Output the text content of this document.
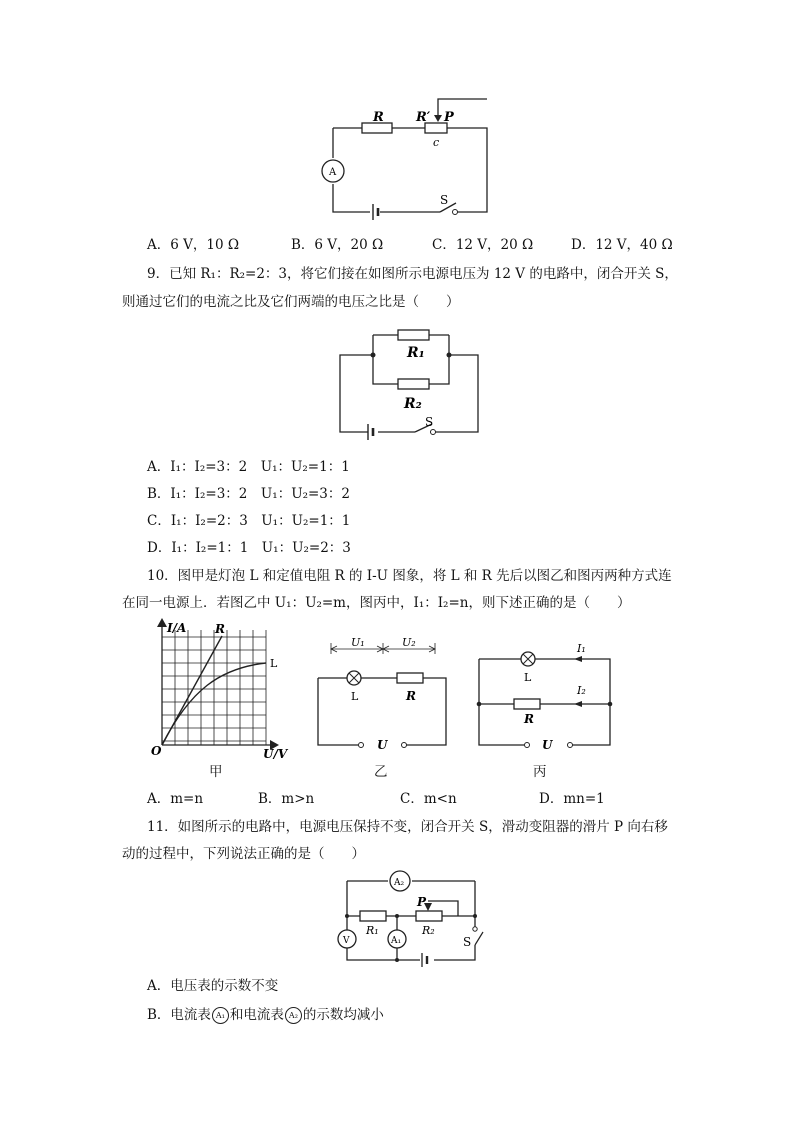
R R′ P
c
A
S
A．6 V，10 Ω	B．6 V，20 Ω	C．12 V，20 Ω	D．12 V，40 Ω
9．已知 R₁：R₂=2：3，将它们接在如图所示电源电压为 12 V 的电路中，闭合开关 S，
则通过它们的电流之比及它们两端的电压之比是（　　）
R₁
R₂
S
A．I₁：I₂=3：2　U₁：U₂=1：1
B．I₁：I₂=3：2　U₁：U₂=3：2
C．I₁：I₂=2：3　U₁：U₂=1：1
D．I₁：I₂=1：1　U₁：U₂=2：3
10．图甲是灯泡 L 和定值电阻 R 的 I-U 图象，将 L 和 R 先后以图乙和图丙两种方式连
在同一电源上．若图乙中 U₁：U₂=m，图丙中，I₁：I₂=n，则下述正确的是（　　）
I/A
U/V
O
R
L
U₁	U₂
L	R
U
I₁
I₂
L
R
U
甲	乙	丙
A．m=n	B．m>n	C．m<n	D．mn=1
11．如图所示的电路中，电源电压保持不变，闭合开关 S，滑动变阻器的滑片 P 向右移
动的过程中，下列说法正确的是（　　）
A₂
P
R₁	R₂
V	A₁	S
A．电压表的示数不变
B．电流表 A₁ 和电流表 A₂ 的示数均减小
